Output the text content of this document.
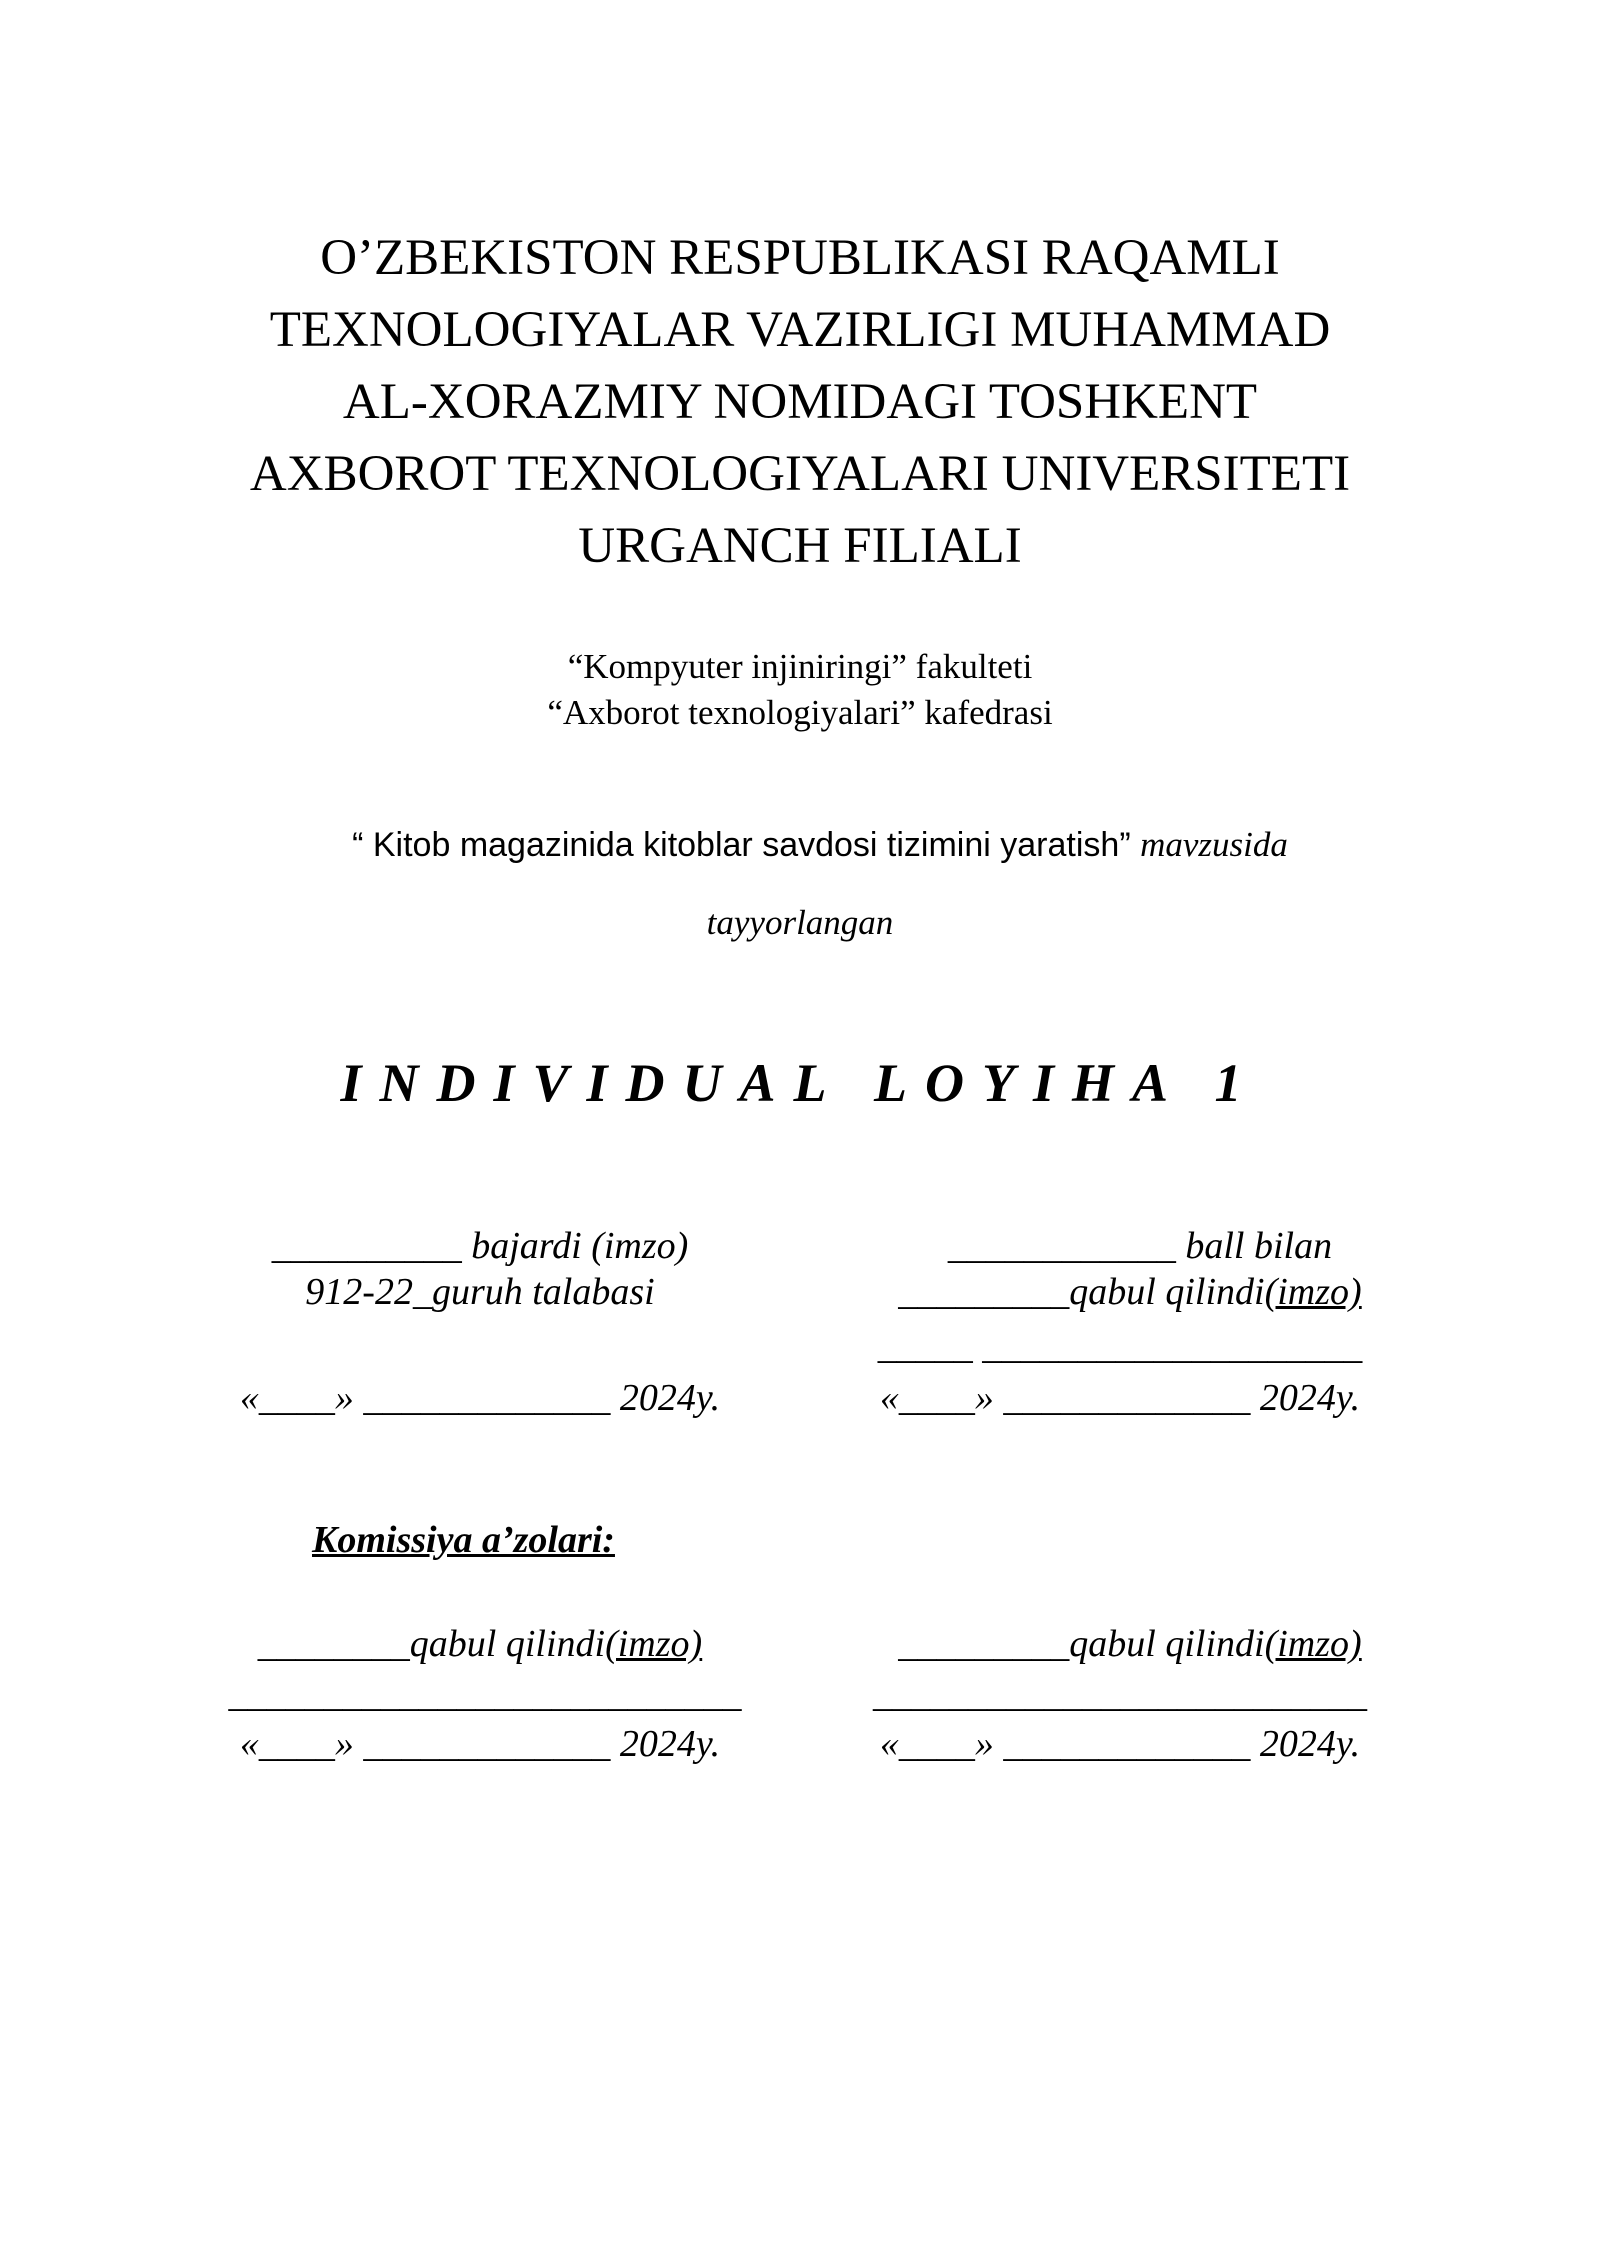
O’ZBEKISTON RESPUBLIKASI RAQAMLI
TEXNOLOGIYALAR VAZIRLIGI MUHAMMAD
AL-XORAZMIY NOMIDAGI TOSHKENT
AXBOROT TEXNOLOGIYALARI UNIVERSITETI
URGANCH FILIALI
“Kompyuter injiniringi” fakulteti
“Axborot texnologiyalari” kafedrasi
“ Kitob magazinida kitoblar savdosi tizimini yaratish” mavzusida
tayyorlangan
INDIVIDUAL LOYIHA 1
__________ bajardi (imzo)
912-22_guruh talabasi
«____» _____________ 2024y.
____________ ball bilan
_________qabul qilindi(imzo)
_____ ____________________
«____» _____________ 2024y.
Komissiya a’zolari:
________qabul qilindi(imzo)
___________________________
«____» _____________ 2024y.
_________qabul qilindi(imzo)
__________________________
«____» _____________ 2024y.
